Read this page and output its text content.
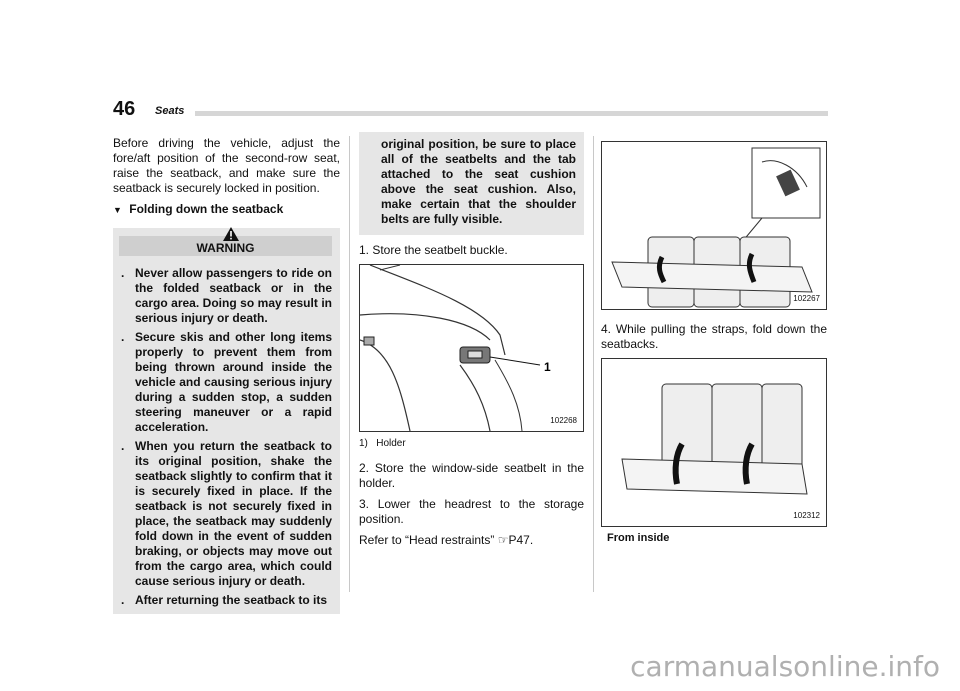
46 Seats

Before driving the vehicle, adjust the fore/aft position of the second-row seat, raise the seatback, and make sure the seatback is securely locked in position.

▼ Folding down the seatback
WARNING
. Never allow passengers to ride on the folded seatback or in the cargo area. Doing so may result in serious injury or death.
. Secure skis and other long items properly to prevent them from being thrown around inside the vehicle and causing serious injury during a sudden stop, a sudden steering maneuver or a rapid acceleration.
. When you return the seatback to its original position, shake the seatback slightly to confirm that it is securely fixed in place. If the seatback is not securely fixed in place, the seatback may suddenly fold down in the event of sudden braking, or objects may move out from the cargo area, which could cause serious injury or death.
. After returning the seatback to its
original position, be sure to place all of the seatbelts and the tab attached to the seat cushion above the seat cushion. Also, make certain that the shoulder belts are fully visible.

1. Store the seatbelt buckle.

1
102268
1)   Holder

2. Store the window-side seatbelt in the holder.

3. Lower the headrest to the storage position.

Refer to “Head restraints” ☞P47.

102267

4. While pulling the straps, fold down the seatbacks.

102312
From inside
carmanualsonline.info
